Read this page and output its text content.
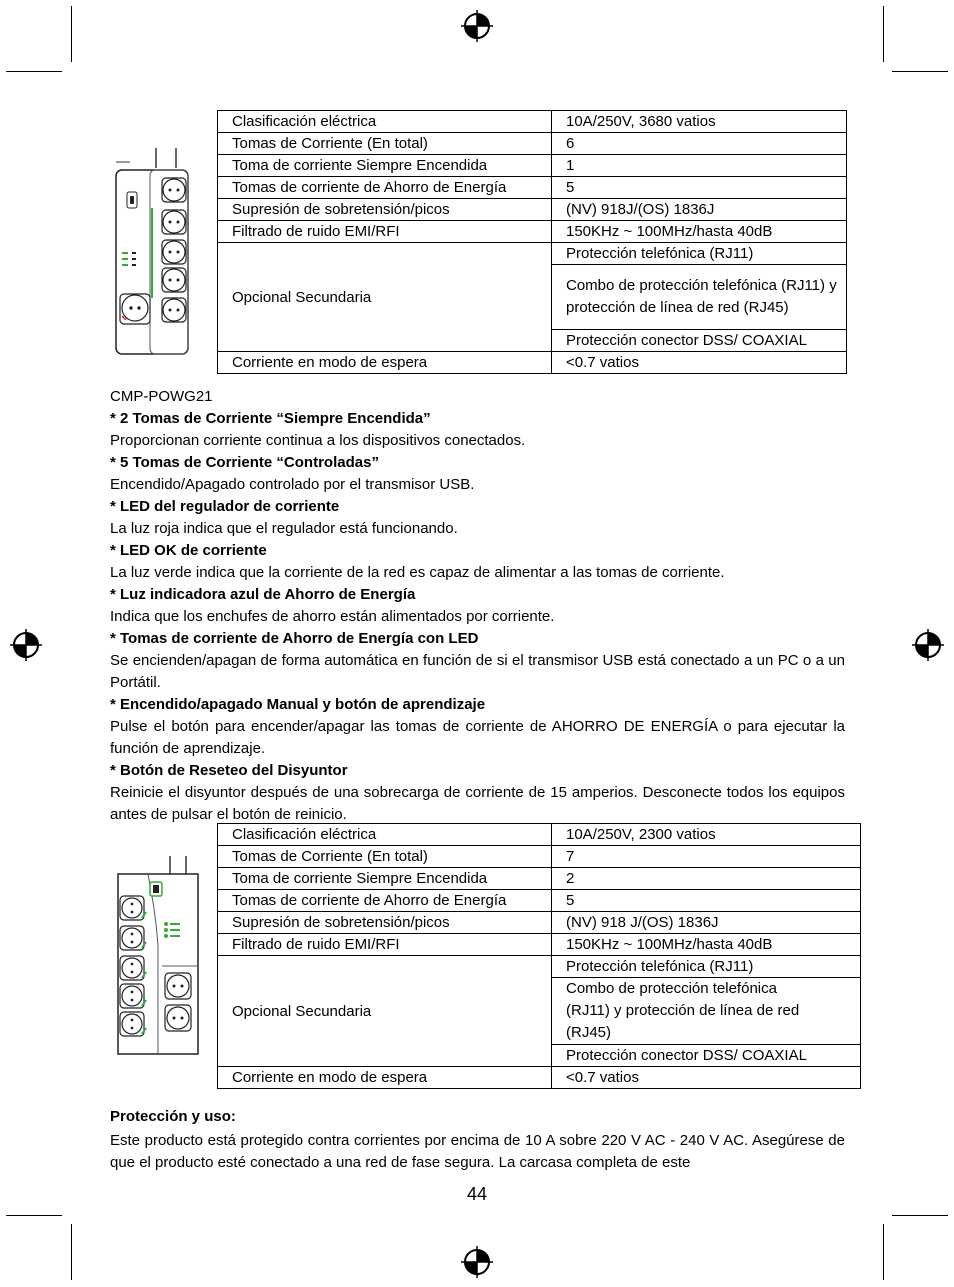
Clasificación eléctrica	10A/250V, 3680 vatios
Tomas de Corriente (En total)	6
Toma de corriente Siempre Encendida	1
Tomas de corriente de Ahorro de Energía	5
Supresión de sobretensión/picos	(NV) 918J/(OS) 1836J
Filtrado de ruido EMI/RFI	150KHz ~ 100MHz/hasta 40dB
Opcional Secundaria	Protección telefónica (RJ11)
	Combo de protección telefónica (RJ11) y protección de línea de red (RJ45)
	Protección conector DSS/ COAXIAL
Corriente en modo de espera	<0.7 vatios

CMP-POWG21

* 2 Tomas de Corriente “Siempre Encendida”

Proporcionan corriente continua a los dispositivos conectados.

* 5 Tomas de Corriente “Controladas”

Encendido/Apagado controlado por el transmisor USB.

* LED del regulador de corriente

La luz roja indica que el regulador está funcionando.

* LED OK de corriente

La luz verde indica que la corriente de la red es capaz de alimentar a las tomas de corriente.

* Luz indicadora azul de Ahorro de Energía

Indica que los enchufes de ahorro están alimentados por corriente.

* Tomas de corriente de Ahorro de Energía con LED

Se encienden/apagan de forma automática en función de si el transmisor USB está conectado a un PC o a un Portátil.

* Encendido/apagado Manual y botón de aprendizaje

Pulse el botón para encender/apagar las tomas de corriente de AHORRO DE ENERGÍA o para ejecutar la función de aprendizaje.

* Botón de Reseteo del Disyuntor

Reinicie el disyuntor después de una sobrecarga de corriente de 15 amperios. Desconecte todos los equipos antes de pulsar el botón de reinicio.

Clasificación eléctrica	10A/250V, 2300 vatios
Tomas de Corriente (En total)	7
Toma de corriente Siempre Encendida	2
Tomas de corriente de Ahorro de Energía	5
Supresión de sobretensión/picos	(NV) 918 J/(OS) 1836J
Filtrado de ruido EMI/RFI	150KHz ~ 100MHz/hasta 40dB
Opcional Secundaria	Protección telefónica (RJ11)
	Combo de protección telefónica (RJ11) y protección de línea de red (RJ45)
	Protección conector DSS/ COAXIAL
Corriente en modo de espera	<0.7 vatios

Protección y uso:

Este producto está protegido contra corrientes por encima de 10 A sobre 220 V AC - 240 V AC. Asegúrese de que el producto esté conectado a una red de fase segura. La carcasa completa de este

44
